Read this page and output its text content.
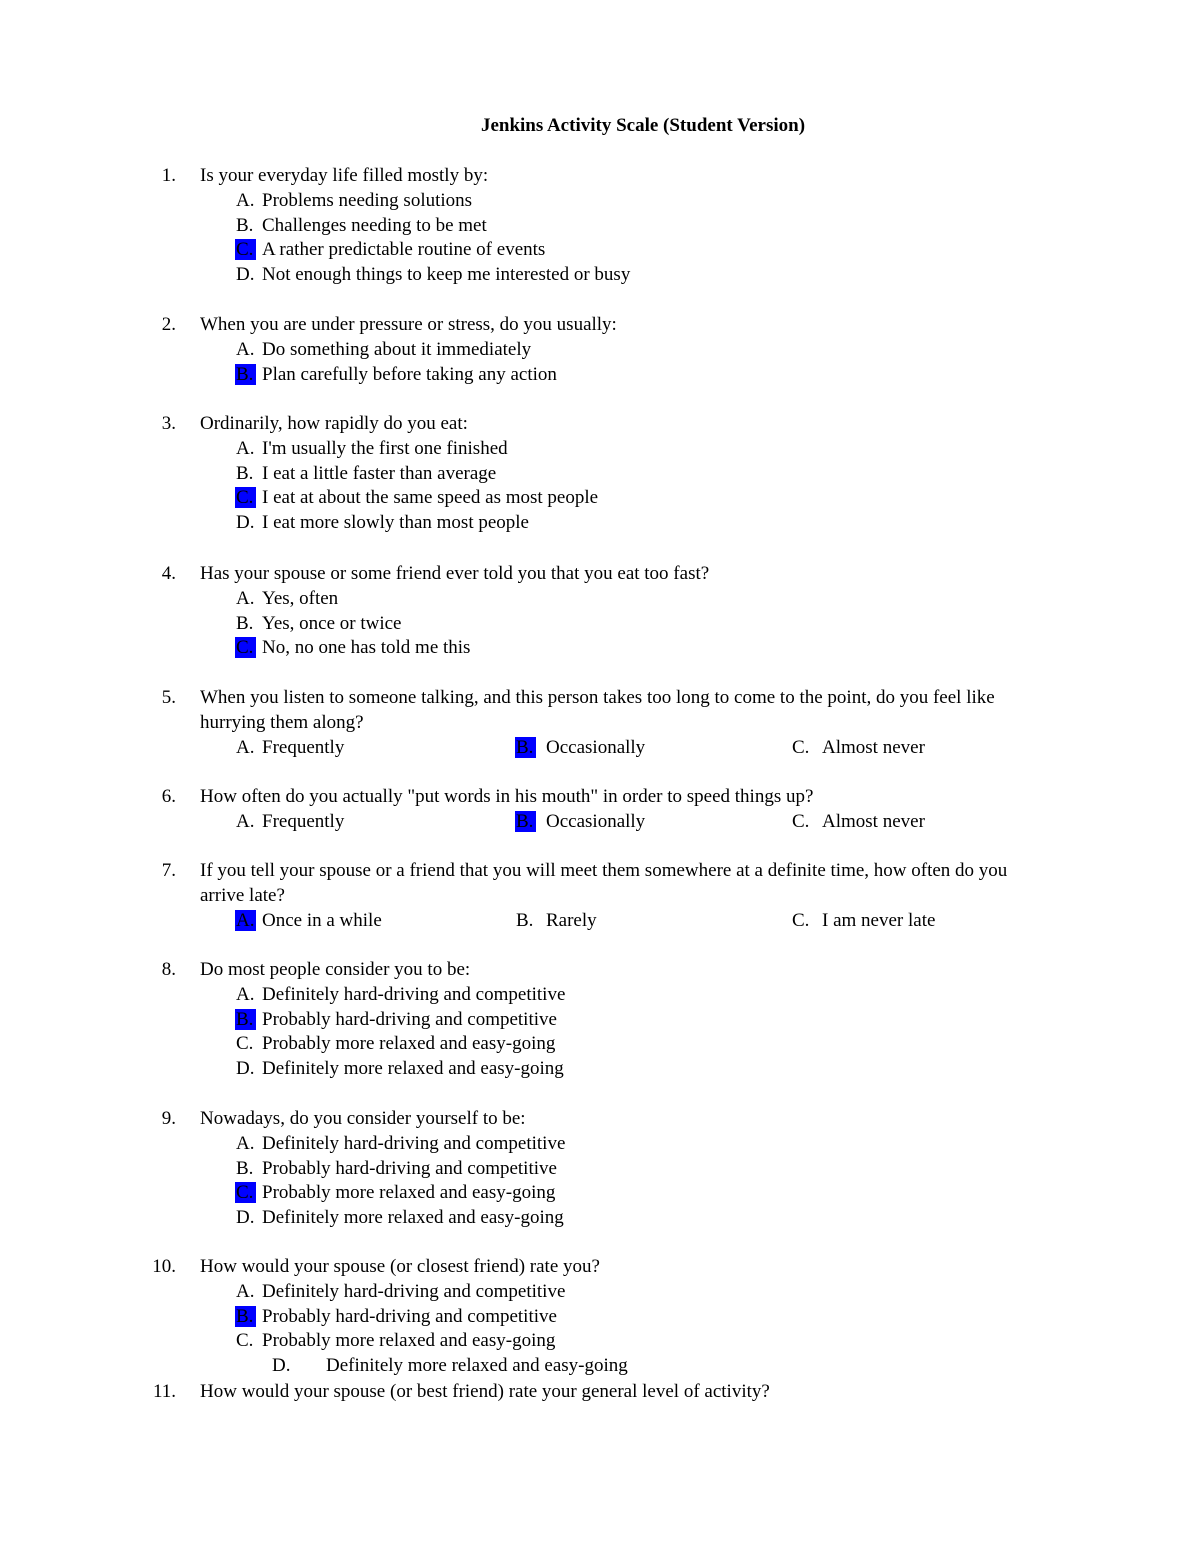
Jenkins Activity Scale (Student Version)
1. Is your everyday life filled mostly by:
A. Problems needing solutions
B. Challenges needing to be met
C. A rather predictable routine of events
D. Not enough things to keep me interested or busy
2. When you are under pressure or stress, do you usually:
A. Do something about it immediately
B. Plan carefully before taking any action
3. Ordinarily, how rapidly do you eat:
A. I'm usually the first one finished
B. I eat a little faster than average
C. I eat at about the same speed as most people
D. I eat more slowly than most people
4. Has your spouse or some friend ever told you that you eat too fast?
A. Yes, often
B. Yes, once or twice
C. No, no one has told me this
5. When you listen to someone talking, and this person takes too long to come to the point, do you feel like
hurrying them along?
A. Frequently	B. Occasionally	C. Almost never
6. How often do you actually "put words in his mouth" in order to speed things up?
A. Frequently	B. Occasionally	C. Almost never
7. If you tell your spouse or a friend that you will meet them somewhere at a definite time, how often do you
arrive late?
A. Once in a while	B. Rarely	C. I am never late
8. Do most people consider you to be:
A. Definitely hard-driving and competitive
B. Probably hard-driving and competitive
C. Probably more relaxed and easy-going
D. Definitely more relaxed and easy-going
9. Nowadays, do you consider yourself to be:
A. Definitely hard-driving and competitive
B. Probably hard-driving and competitive
C. Probably more relaxed and easy-going
D. Definitely more relaxed and easy-going
10. How would your spouse (or closest friend) rate you?
A. Definitely hard-driving and competitive
B. Probably hard-driving and competitive
C. Probably more relaxed and easy-going
D. Definitely more relaxed and easy-going
11. How would your spouse (or best friend) rate your general level of activity?
